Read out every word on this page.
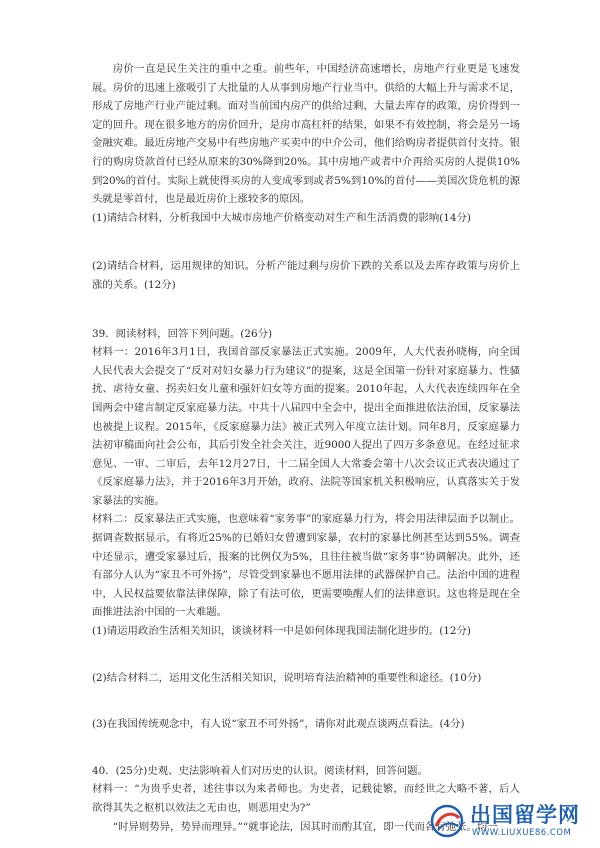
房价一直是民生关注的重中之重。前些年，中国经济高速增长，房地产行业更是飞速发展。房价的迅速上涨吸引了大批量的人从事到房地产行业当中。供给的大幅上升与需求不足，形成了房地产行业产能过剩。面对当前国内房产的供给过剩，大量去库存的政策，房价得到一定的回升。现在很多地方的房价回升，是房市高杠杆的结果，如果不有效控制，将会是另一场金融灾难。最近房地产交易中有些房地产买卖中的中介公司，他们给购房者提供首付支持。银行的购房贷款首付已经从原来的30%降到20%。其中房地产或者中介再给买房的人提供10%到20%的首付。实际上就使得买房的人变成零到或者5%到10%的首付——美国次贷危机的源头就是零首付，也是最近房价上涨较多的原因。

(1)请结合材料，分析我国中大城市房地产价格变动对生产和生活消费的影响(14分)

(2)请结合材料，运用规律的知识。分析产能过剩与房价下跌的关系以及去库存政策与房价上涨的关系。(12分)

39．阅读材料，回答下列问题。(26分)

材料一：2016年3月1日，我国首部反家暴法正式实施。2009年，人大代表孙晓梅，向全国人民代表大会提交了“反对对妇女暴力行为建议”的提案，这是全国第一份针对家庭暴力、性骚扰、虐待女童、拐卖妇女儿童和强奸妇女等方面的提案。2010年起，人大代表连续四年在全国两会中建言制定反家庭暴力法。中共十八届四中全会中，提出全面推进依法治国，反家暴法也被提上议程。2015年，《反家庭暴力法》被正式列入年度立法计划。同年8月，反家庭暴力法初审稿面向社会公布，其后引发全社会关注，近9000人提出了四万多条意见。在经过征求意见、一审、二审后，去年12月27日，十二届全国人大常委会第十八次会议正式表决通过了《反家庭暴力法》，并于2016年3月开始，政府、法院等国家机关积极响应，认真落实关于发家暴法的实施。

材料二：反家暴法正式实施，也意味着“家务事”的家庭暴力行为，将会用法律层面予以制止。据调查数据显示，有将近25%的已婚妇女曾遭到家暴，农村的家暴比例甚至达到55%。调查中还显示，遭受家暴过后，报案的比例仅为5%，且往往被当做“家务事”协调解决。此外，还有部分人认为“家丑不可外扬”，尽管受到家暴也不愿用法律的武器保护自己。法治中国的进程中，人民权益要依靠法律保障，除了有法可依，更需要唤醒人们的法律意识。这也将是现在全面推进法治中国的一大难题。

(1)请运用政治生活相关知识，谈谈材料一中是如何体现我国法制化进步的。(12分)

(2)结合材料二，运用文化生活相关知识，说明培育法治精神的重要性和途径。(10分)

(3)在我国传统观念中，有人说“家丑不可外扬”，请你对此观点谈两点看法。(4分)

40．(25分)史观、史法影响着人们对历史的认识。阅读材料，回答问题。

材料一：“为贵乎史者，述往事以为来者师也。为史者，记载徒繁，而经世之大略不著，后人欲得其失之枢机以效法之无由也，则恶用史为?”

“时异则势异，势异而理异。”“就事论法，因其时而酌其宜，即一代而各有弛张。均一

出国留学网
WWW.LIUXUE86.COM
